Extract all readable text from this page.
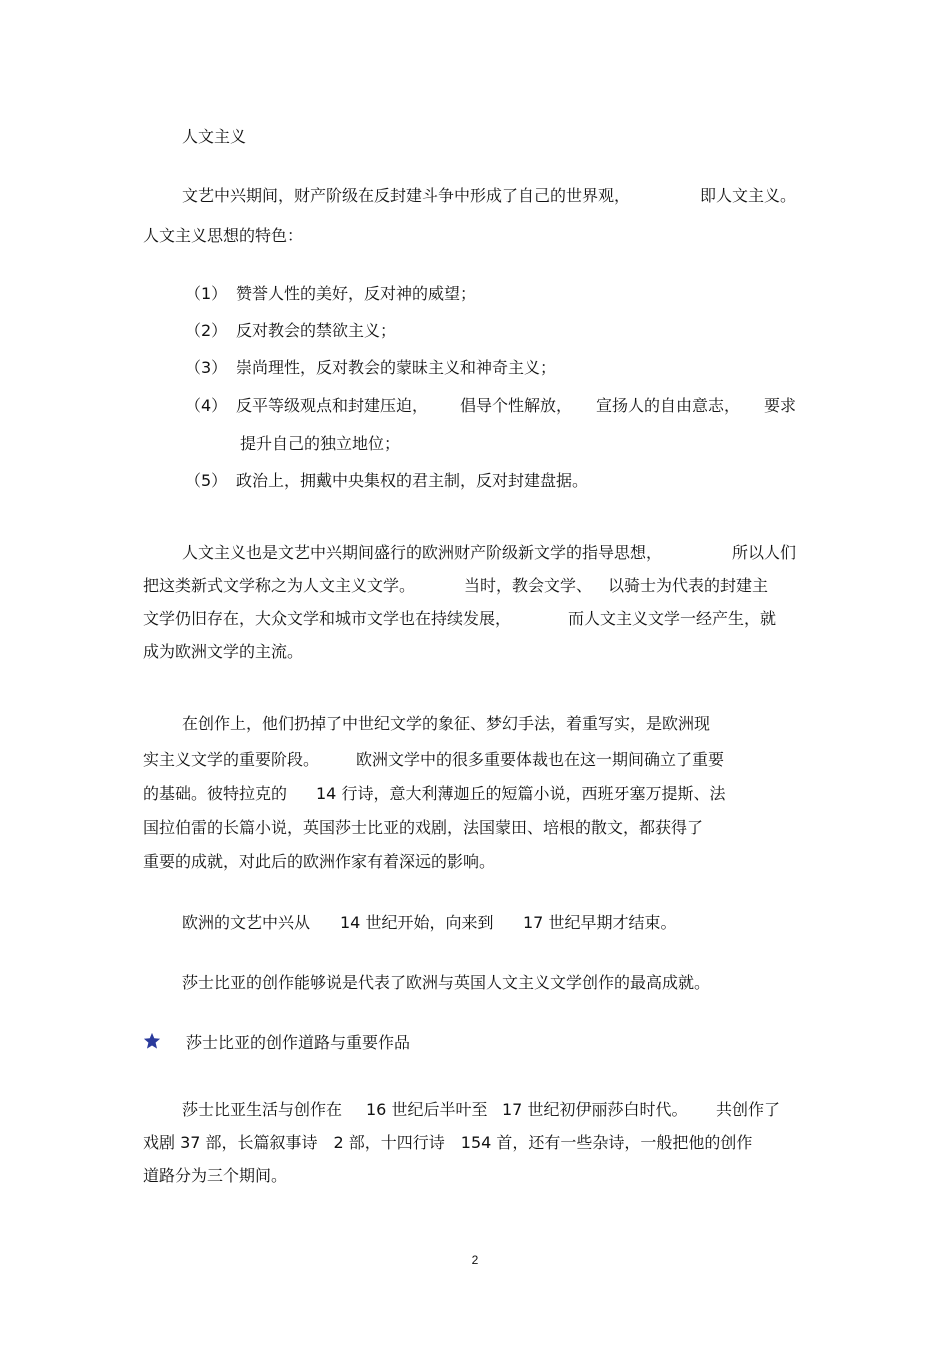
人文主义
文艺中兴期间，财产阶级在反封建斗争中形成了自己的世界观，	即人文主义。
人文主义思想的特色：
（1） 赞誉人性的美好，反对神的威望；
（2） 反对教会的禁欲主义；
（3） 崇尚理性，反对教会的蒙昧主义和神奇主义；
（4） 反平等级观点和封建压迫， 倡导个性解放， 宣扬人的自由意志， 要求
提升自己的独立地位；
（5） 政治上，拥戴中央集权的君主制，反对封建盘据。
人文主义也是文艺中兴期间盛行的欧洲财产阶级新文学的指导思想，	所以人们
把这类新式文学称之为人文主义文学。	当时，教会文学、 以骑士为代表的封建主
文学仍旧存在，大众文学和城市文学也在持续发展，	而人文主义文学一经产生，就
成为欧洲文学的主流。
在创作上，他们扔掉了中世纪文学的象征、梦幻手法，着重写实，是欧洲现
实主义文学的重要阶段。 欧洲文学中的很多重要体裁也在这一期间确立了重要
的基础。彼特拉克的 14 行诗，意大利薄迦丘的短篇小说，西班牙塞万提斯、法
国拉伯雷的长篇小说，英国莎士比亚的戏剧，法国蒙田、培根的散文，都获得了
重要的成就，对此后的欧洲作家有着深远的影响。
欧洲的文艺中兴从 14 世纪开始，向来到 17 世纪早期才结束。
莎士比亚的创作能够说是代表了欧洲与英国人文主义文学创作的最高成就。
莎士比亚的创作道路与重要作品
莎士比亚生活与创作在 16 世纪后半叶至 17 世纪初伊丽莎白时代。 共创作了
戏剧 37 部，长篇叙事诗　2 部，十四行诗　154 首，还有一些杂诗，一般把他的创作
道路分为三个期间。
2
